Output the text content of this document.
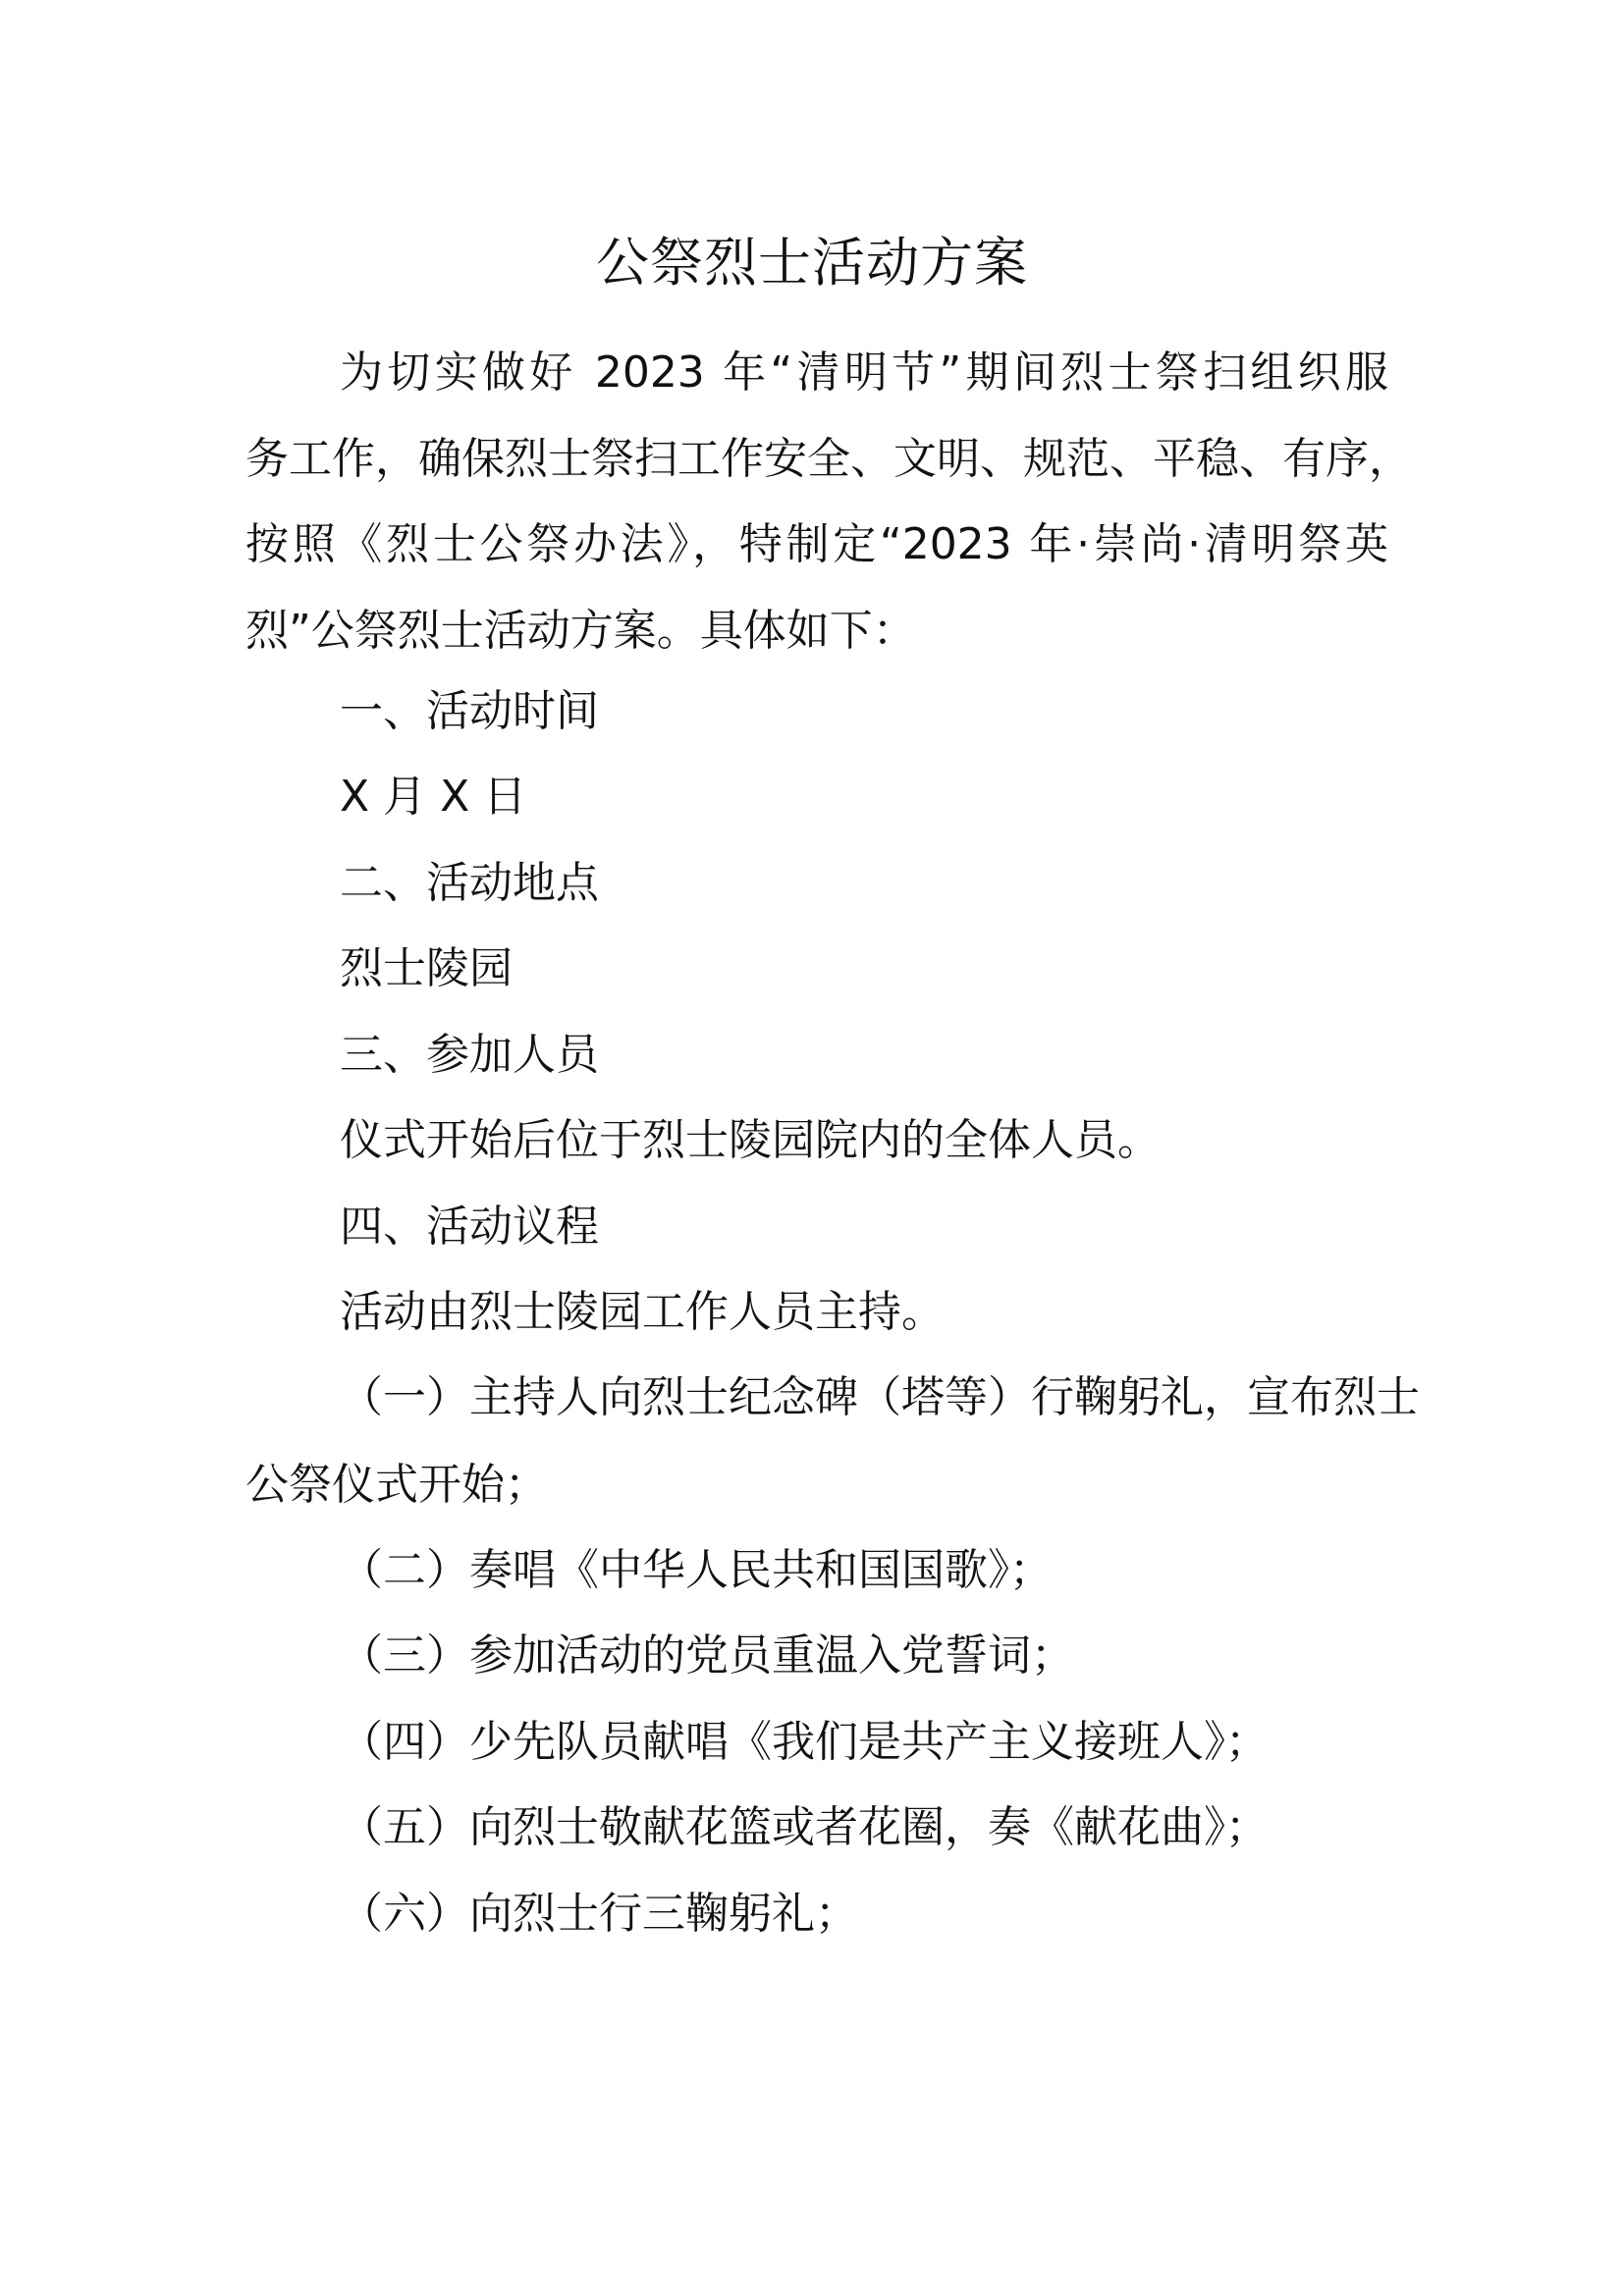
公祭烈士活动方案
为切实做好 2023 年“清明节”期间烈士祭扫组织服
务工作，确保烈士祭扫工作安全、文明、规范、平稳、有序，
按照《烈士公祭办法》，特制定“2023 年·崇尚·清明祭英
烈”公祭烈士活动方案。具体如下：
一、活动时间
X 月 X 日
二、活动地点
烈士陵园
三、参加人员
仪式开始后位于烈士陵园院内的全体人员。
四、活动议程
活动由烈士陵园工作人员主持。
（一）主持人向烈士纪念碑（塔等）行鞠躬礼，宣布烈士
公祭仪式开始；
（二）奏唱《中华人民共和国国歌》；
（三）参加活动的党员重温入党誓词；
（四）少先队员献唱《我们是共产主义接班人》；
（五）向烈士敬献花篮或者花圈，奏《献花曲》；
（六）向烈士行三鞠躬礼；
